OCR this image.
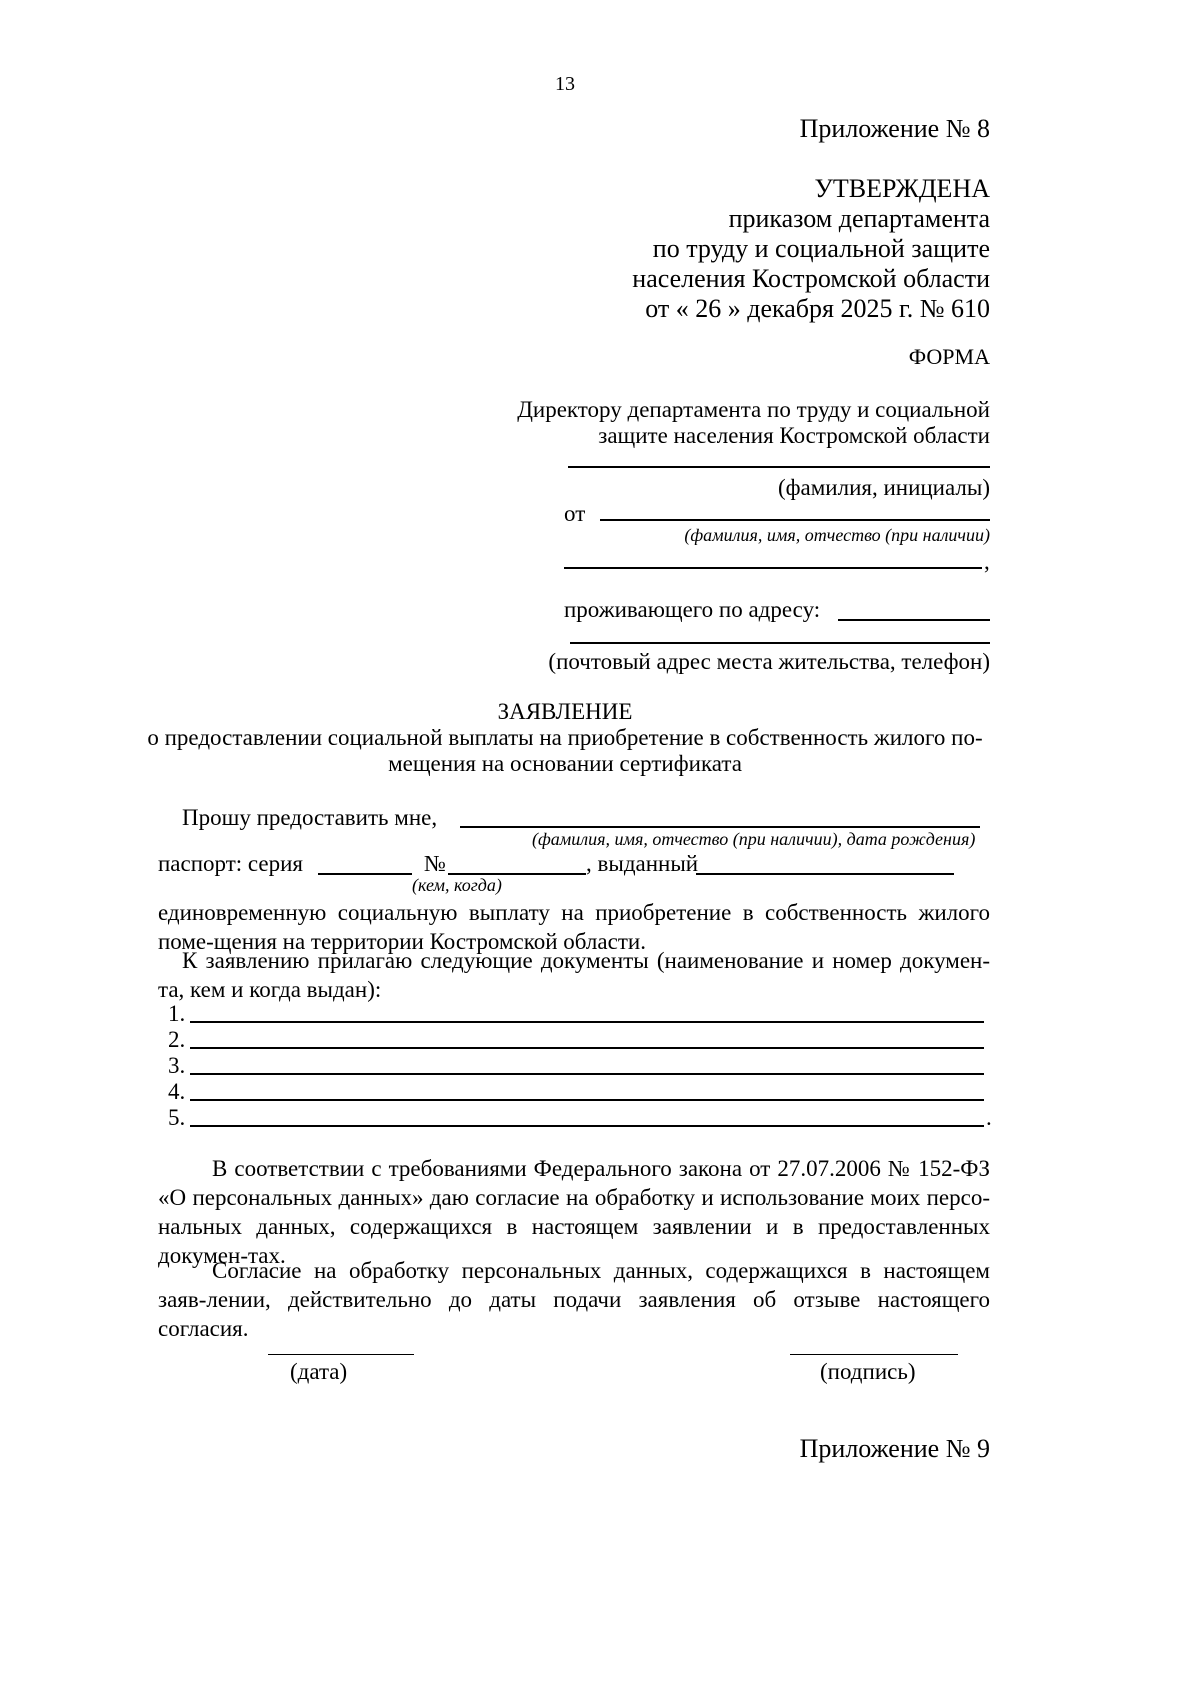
13
Приложение № 8
УТВЕРЖДЕНА
приказом департамента
по труду и социальной защите
населения Костромской области
от « 26 » декабря 2025 г. № 610
ФОРМА
Директору департамента по труду и социальной
защите населения Костромской области
(фамилия, инициалы)
от
(фамилия, имя, отчество (при наличии)
,
проживающего по адресу:
(почтовый адрес места жительства, телефон)
ЗАЯВЛЕНИЕ
о предоставлении социальной выплаты на приобретение в собственность жилого по-
мещения на основании сертификата
Прошу предоставить мне,
(фамилия, имя, отчество (при наличии), дата рождения)
паспорт: серия	№	, выданный
(кем, когда)
единовременную социальную выплату на приобретение в собственность жилого поме-щения на территории Костромской области.
К заявлению прилагаю следующие документы (наименование и номер докумен-та, кем и когда выдан):
1.
2.
3.
4.
5.	.
В соответствии с требованиями Федерального закона от 27.07.2006 № 152-ФЗ «О персональных данных» даю согласие на обработку и использование моих персо-нальных данных, содержащихся в настоящем заявлении и в предоставленных докумен-тах.
Согласие на обработку персональных данных, содержащихся в настоящем заяв-лении, действительно до даты подачи заявления об отзыве настоящего согласия.
(дата)	(подпись)
Приложение № 9
